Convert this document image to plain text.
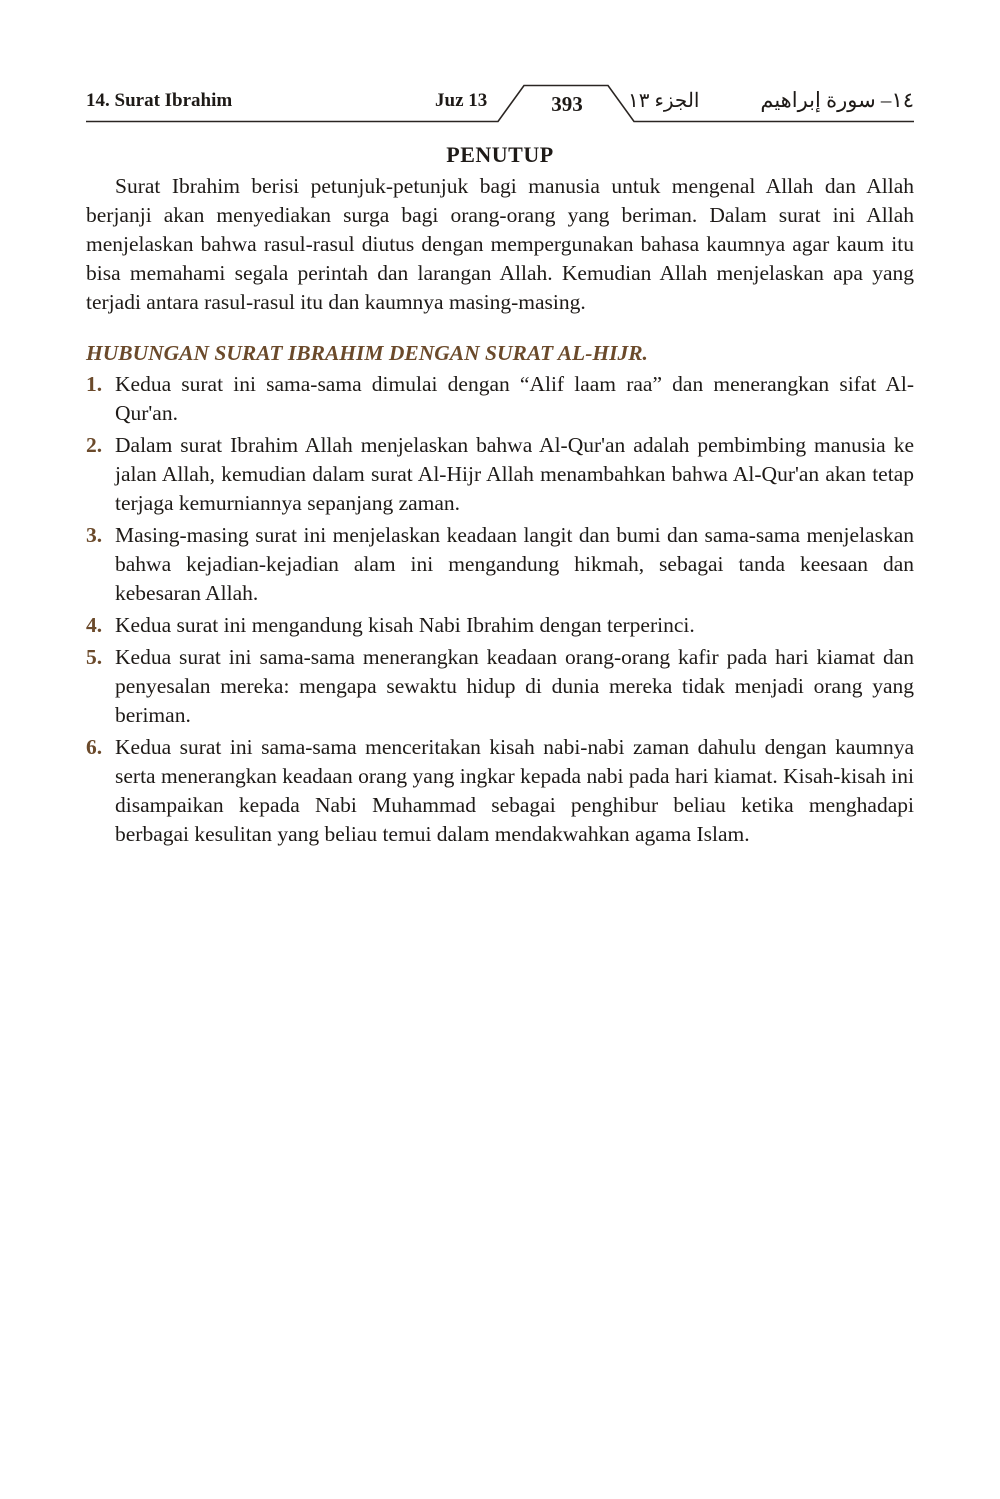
14. Surat Ibrahim	Juz 13	393	الجزء ١٣	١٤– سورة إبراهيم
PENUTUP

Surat Ibrahim berisi petunjuk-petunjuk bagi manusia untuk mengenal Allah dan Allah berjanji akan menyediakan surga bagi orang-orang yang beriman. Dalam surat ini Allah menjelaskan bahwa rasul-rasul diutus dengan mempergunakan bahasa kaumnya agar kaum itu bisa memahami segala perintah dan larangan Allah. Kemudian Allah menjelaskan apa yang terjadi antara rasul-rasul itu dan kaumnya masing-masing.

HUBUNGAN SURAT IBRAHIM DENGAN SURAT AL-HIJR.
1. Kedua surat ini sama-sama dimulai dengan “Alif laam raa” dan menerangkan sifat Al-Qur'an.
2. Dalam surat Ibrahim Allah menjelaskan bahwa Al-Qur'an adalah pembimbing manusia ke jalan Allah, kemudian dalam surat Al-Hijr Allah menambahkan bahwa Al-Qur'an akan tetap terjaga kemurniannya sepanjang zaman.
3. Masing-masing surat ini menjelaskan keadaan langit dan bumi dan sama-sama menjelaskan bahwa kejadian-kejadian alam ini mengandung hikmah, sebagai tanda keesaan dan kebesaran Allah.
4. Kedua surat ini mengandung kisah Nabi Ibrahim dengan terperinci.
5. Kedua surat ini sama-sama menerangkan keadaan orang-orang kafir pada hari kiamat dan penyesalan mereka: mengapa sewaktu hidup di dunia mereka tidak menjadi orang yang beriman.
6. Kedua surat ini sama-sama menceritakan kisah nabi-nabi zaman dahulu dengan kaumnya serta menerangkan keadaan orang yang ingkar kepada nabi pada hari kiamat. Kisah-kisah ini disampaikan kepada Nabi Muhammad sebagai penghibur beliau ketika menghadapi berbagai kesulitan yang beliau temui dalam mendakwahkan agama Islam.
